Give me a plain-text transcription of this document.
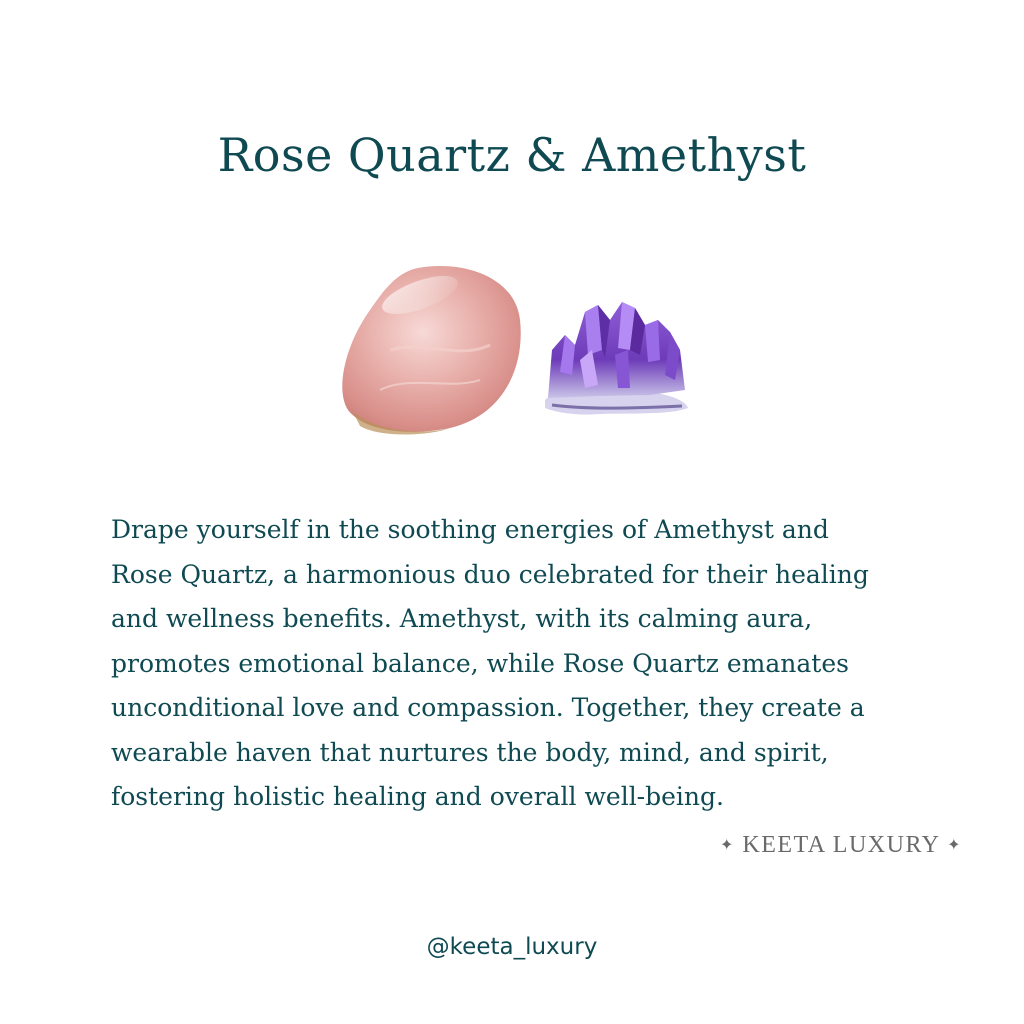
Rose Quartz & Amethyst
Drape yourself in the soothing energies of Amethyst and
Rose Quartz, a harmonious duo celebrated for their healing
and wellness benefits. Amethyst, with its calming aura,
promotes emotional balance, while Rose Quartz emanates
unconditional love and compassion. Together, they create a
wearable haven that nurtures the body, mind, and spirit,
fostering holistic healing and overall well-being.
✦ KEETA LUXURY ✦
@keeta_luxury
